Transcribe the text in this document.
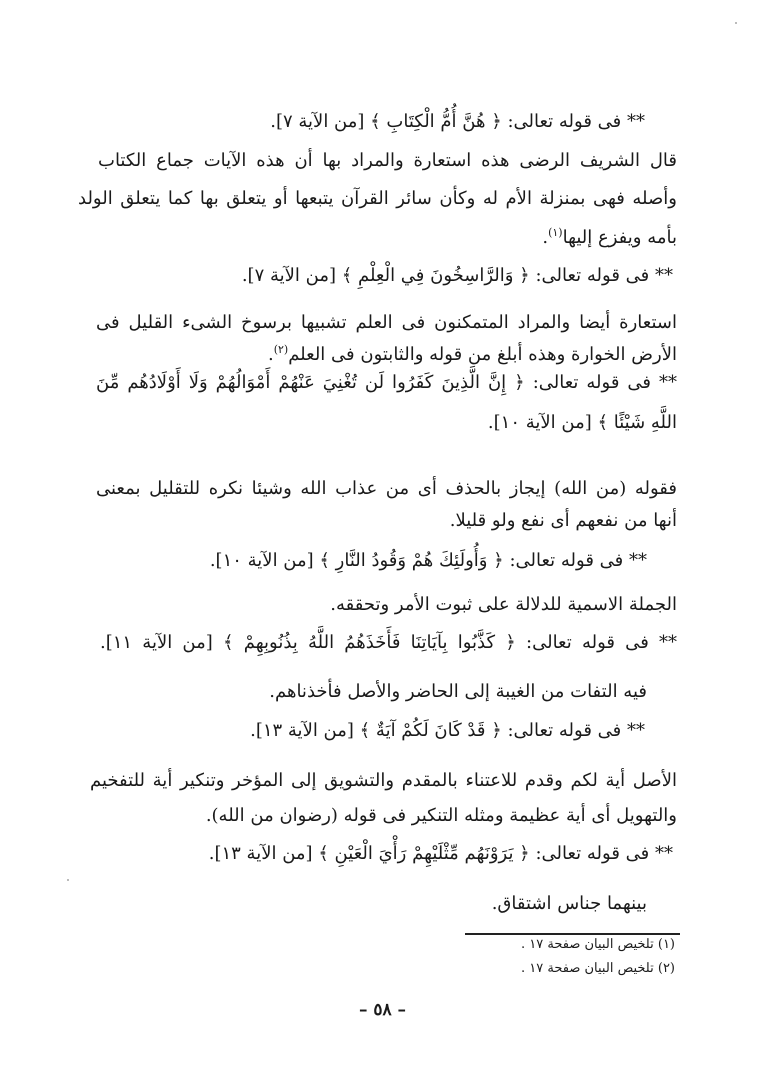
** فى قوله تعالى: ﴿ هُنَّ أُمُّ الْكِتَابِ ﴾ [من الآية ٧].
قال الشريف الرضى هذه استعارة والمراد بها أن هذه الآيات جماع الكتاب
وأصله فهى بمنزلة الأم له وكأن سائر القرآن يتبعها أو يتعلق بها كما يتعلق الولد
بأمه ويفزع إليها$^{(١)}$.
** فى قوله تعالى: ﴿ وَالرَّاسِخُونَ فِي الْعِلْمِ ﴾ [من الآية ٧].
استعارة أيضا والمراد المتمكنون فى العلم تشبيها برسوخ الشىء القليل فى
الأرض الخوارة وهذه أبلغ من قوله والثابتون فى العلم$^{(٢)}$.
** فى قوله تعالى: ﴿ إِنَّ الَّذِينَ كَفَرُوا لَن تُغْنِيَ عَنْهُمْ أَمْوَالُهُمْ وَلَا أَوْلَادُهُم مِّنَ
اللَّهِ شَيْئًا ﴾ [من الآية ١٠].
فقوله (من الله) إيجاز بالحذف أى من عذاب الله وشيئا نكره للتقليل بمعنى
أنها من نفعهم أى نفع ولو قليلا.
** فى قوله تعالى: ﴿ وَأُولَئِكَ هُمْ وَقُودُ النَّارِ ﴾ [من الآية ١٠].
الجملة الاسمية للدلالة على ثبوت الأمر وتحققه.
** فى قوله تعالى: ﴿ كَذَّبُوا بِآيَاتِنَا فَأَخَذَهُمُ اللَّهُ بِذُنُوبِهِمْ ﴾ [من الآية ١١].
فيه التفات من الغيبة إلى الحاضر والأصل فأخذناهم.
** فى قوله تعالى: ﴿ قَدْ كَانَ لَكُمْ آيَةٌ ﴾ [من الآية ١٣].
الأصل أية لكم وقدم للاعتناء بالمقدم والتشويق إلى المؤخر وتنكير أية للتفخيم
والتهويل أى أية عظيمة ومثله التنكير فى قوله (رضوان من الله).
** فى قوله تعالى: ﴿ يَرَوْنَهُم مِّثْلَيْهِمْ رَأْيَ الْعَيْنِ ﴾ [من الآية ١٣].
بينهما جناس اشتقاق.
(١) تلخيص البيان صفحة ١٧ .
(٢) تلخيص البيان صفحة ١٧ .
– ٥٨ –
